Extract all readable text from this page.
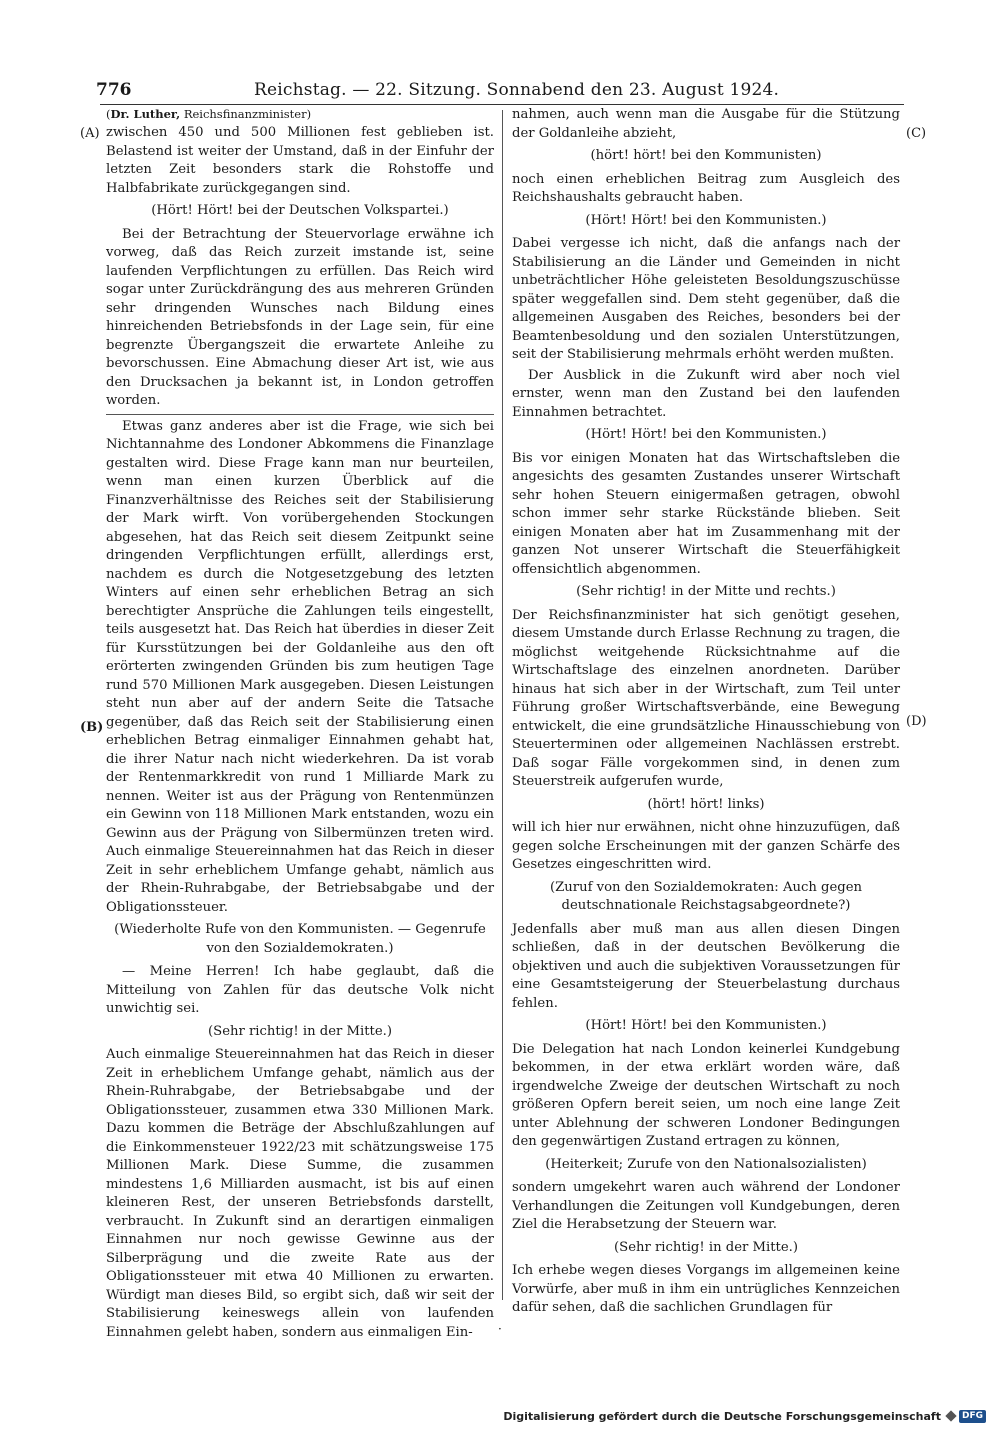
776	Reichstag. — 22. Sitzung. Sonnabend den 23. August 1924.
(A)
(B)
(C)
(D)

(Dr. Luther, Reichsfinanzminister)

zwischen 450 und 500 Millionen fest geblieben ist. Belastend ist weiter der Umstand, daß in der Einfuhr der letzten Zeit besonders stark die Rohstoffe und Halbfabrikate zurückgegangen sind.

(Hört! Hört! bei der Deutschen Volkspartei.)

Bei der Betrachtung der Steuervorlage erwähne ich vorweg, daß das Reich zurzeit imstande ist, seine laufenden Verpflichtungen zu erfüllen. Das Reich wird sogar unter Zurückdrängung des aus mehreren Gründen sehr dringenden Wunsches nach Bildung eines hinreichenden Betriebsfonds in der Lage sein, für eine begrenzte Übergangszeit die erwartete Anleihe zu bevorschussen. Eine Abmachung dieser Art ist, wie aus den Drucksachen ja bekannt ist, in London getroffen worden.

Etwas ganz anderes aber ist die Frage, wie sich bei Nichtannahme des Londoner Abkommens die Finanzlage gestalten wird. Diese Frage kann man nur beurteilen, wenn man einen kurzen Überblick auf die Finanzverhältnisse des Reiches seit der Stabilisierung der Mark wirft. Von vorübergehenden Stockungen abgesehen, hat das Reich seit diesem Zeitpunkt seine dringenden Verpflichtungen erfüllt, allerdings erst, nachdem es durch die Notgesetzgebung des letzten Winters auf einen sehr erheblichen Betrag an sich berechtigter Ansprüche die Zahlungen teils eingestellt, teils ausgesetzt hat. Das Reich hat überdies in dieser Zeit für Kursstützungen bei der Goldanleihe aus den oft erörterten zwingenden Gründen bis zum heutigen Tage rund 570 Millionen Mark ausgegeben. Diesen Leistungen steht nun aber auf der andern Seite die Tatsache gegenüber, daß das Reich seit der Stabilisierung einen erheblichen Betrag einmaliger Einnahmen gehabt hat, die ihrer Natur nach nicht wiederkehren. Da ist vorab der Rentenmarkkredit von rund 1 Milliarde Mark zu nennen. Weiter ist aus der Prägung von Rentenmünzen ein Gewinn von 118 Millionen Mark entstanden, wozu ein Gewinn aus der Prägung von Silbermünzen treten wird. Auch einmalige Steuereinnahmen hat das Reich in dieser Zeit in sehr erheblichem Umfange gehabt, nämlich aus der Rhein-Ruhrabgabe, der Betriebsabgabe und der Obligationssteuer.

(Wiederholte Rufe von den Kommunisten. — Gegenrufe von den Sozialdemokraten.)

— Meine Herren! Ich habe geglaubt, daß die Mitteilung von Zahlen für das deutsche Volk nicht unwichtig sei.

(Sehr richtig! in der Mitte.)

Auch einmalige Steuereinnahmen hat das Reich in dieser Zeit in erheblichem Umfange gehabt, nämlich aus der Rhein-Ruhrabgabe, der Betriebsabgabe und der Obligationssteuer, zusammen etwa 330 Millionen Mark. Dazu kommen die Beträge der Abschlußzahlungen auf die Einkommensteuer 1922/23 mit schätzungsweise 175 Millionen Mark. Diese Summe, die zusammen mindestens 1,6 Milliarden ausmacht, ist bis auf einen kleineren Rest, der unseren Betriebsfonds darstellt, verbraucht. In Zukunft sind an derartigen einmaligen Einnahmen nur noch gewisse Gewinne aus der Silberprägung und die zweite Rate aus der Obligationssteuer mit etwa 40 Millionen zu erwarten. Würdigt man dieses Bild, so ergibt sich, daß wir seit der Stabilisierung keineswegs allein von laufenden Einnahmen gelebt haben, sondern aus einmaligen Ein-

nahmen, auch wenn man die Ausgabe für die Stützung der Goldanleihe abzieht,

(hört! hört! bei den Kommunisten)

noch einen erheblichen Beitrag zum Ausgleich des Reichshaushalts gebraucht haben.

(Hört! Hört! bei den Kommunisten.)

Dabei vergesse ich nicht, daß die anfangs nach der Stabilisierung an die Länder und Gemeinden in nicht unbeträchtlicher Höhe geleisteten Besoldungszuschüsse später weggefallen sind. Dem steht gegenüber, daß die allgemeinen Ausgaben des Reiches, besonders bei der Beamtenbesoldung und den sozialen Unterstützungen, seit der Stabilisierung mehrmals erhöht werden mußten.

Der Ausblick in die Zukunft wird aber noch viel ernster, wenn man den Zustand bei den laufenden Einnahmen betrachtet.

(Hört! Hört! bei den Kommunisten.)

Bis vor einigen Monaten hat das Wirtschaftsleben die angesichts des gesamten Zustandes unserer Wirtschaft sehr hohen Steuern einigermaßen getragen, obwohl schon immer sehr starke Rückstände blieben. Seit einigen Monaten aber hat im Zusammenhang mit der ganzen Not unserer Wirtschaft die Steuerfähigkeit offensichtlich abgenommen.

(Sehr richtig! in der Mitte und rechts.)

Der Reichsfinanzminister hat sich genötigt gesehen, diesem Umstande durch Erlasse Rechnung zu tragen, die möglichst weitgehende Rücksichtnahme auf die Wirtschaftslage des einzelnen anordneten. Darüber hinaus hat sich aber in der Wirtschaft, zum Teil unter Führung großer Wirtschaftsverbände, eine Bewegung entwickelt, die eine grundsätzliche Hinausschiebung von Steuerterminen oder allgemeinen Nachlässen erstrebt. Daß sogar Fälle vorgekommen sind, in denen zum Steuerstreik aufgerufen wurde,

(hört! hört! links)

will ich hier nur erwähnen, nicht ohne hinzuzufügen, daß gegen solche Erscheinungen mit der ganzen Schärfe des Gesetzes eingeschritten wird.

(Zuruf von den Sozialdemokraten: Auch gegen deutschnationale Reichstagsabgeordnete?)

Jedenfalls aber muß man aus allen diesen Dingen schließen, daß in der deutschen Bevölkerung die objektiven und auch die subjektiven Voraussetzungen für eine Gesamtsteigerung der Steuerbelastung durchaus fehlen.

(Hört! Hört! bei den Kommunisten.)

Die Delegation hat nach London keinerlei Kundgebung bekommen, in der etwa erklärt worden wäre, daß irgendwelche Zweige der deutschen Wirtschaft zu noch größeren Opfern bereit seien, um noch eine lange Zeit unter Ablehnung der schweren Londoner Bedingungen den gegenwärtigen Zustand ertragen zu können,

(Heiterkeit; Zurufe von den Nationalsozialisten)

sondern umgekehrt waren auch während der Londoner Verhandlungen die Zeitungen voll Kundgebungen, deren Ziel die Herabsetzung der Steuern war.

(Sehr richtig! in der Mitte.)

Ich erhebe wegen dieses Vorgangs im allgemeinen keine Vorwürfe, aber muß in ihm ein untrügliches Kennzeichen dafür sehen, daß die sachlichen Grundlagen für

·
Digitalisierung gefördert durch die Deutsche Forschungsgemeinschaft	DFG
